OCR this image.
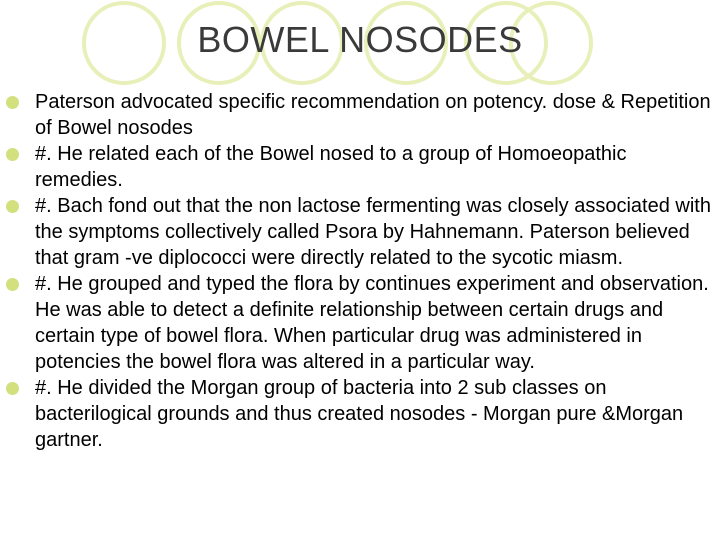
BOWEL NOSODES
Paterson advocated specific recommendation on potency. dose & Repetition of Bowel nosodes
#. He related each of the Bowel nosed to a group of Homoeopathic remedies.
#. Bach fond out that the non lactose fermenting was closely associated with the symptoms collectively called Psora by Hahnemann. Paterson believed that gram -ve diplococci were directly related to the sycotic miasm.
#. He grouped and typed the flora by continues experiment and observation. He was able to detect a definite relationship between certain drugs and certain type of bowel flora. When particular drug was administered in potencies the bowel flora was altered in a particular way.
#. He divided the Morgan group of bacteria into 2 sub classes on bacterilogical grounds and thus created nosodes - Morgan pure &Morgan gartner.
